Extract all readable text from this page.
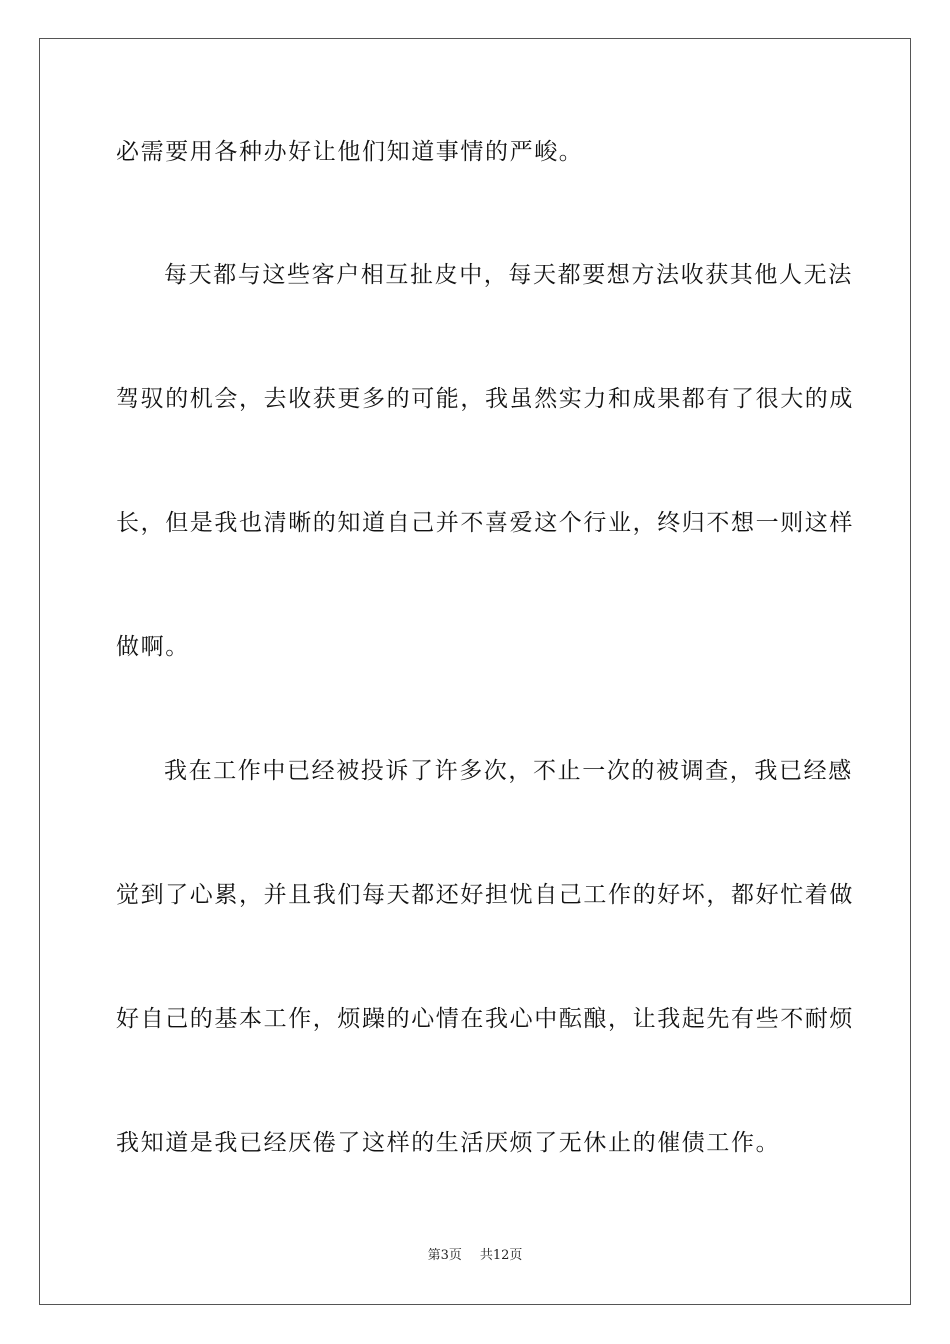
必需要用各种办好让他们知道事情的严峻。
每天都与这些客户相互扯皮中，每天都要想方法收获其他人无法
驾驭的机会，去收获更多的可能，我虽然实力和成果都有了很大的成
长，但是我也清晰的知道自己并不喜爱这个行业，终归不想一则这样
做啊。
我在工作中已经被投诉了许多次，不止一次的被调查，我已经感
觉到了心累，并且我们每天都还好担忧自己工作的好坏，都好忙着做
好自己的基本工作，烦躁的心情在我心中酝酿，让我起先有些不耐烦
我知道是我已经厌倦了这样的生活厌烦了无休止的催债工作。
第3页 共12页
